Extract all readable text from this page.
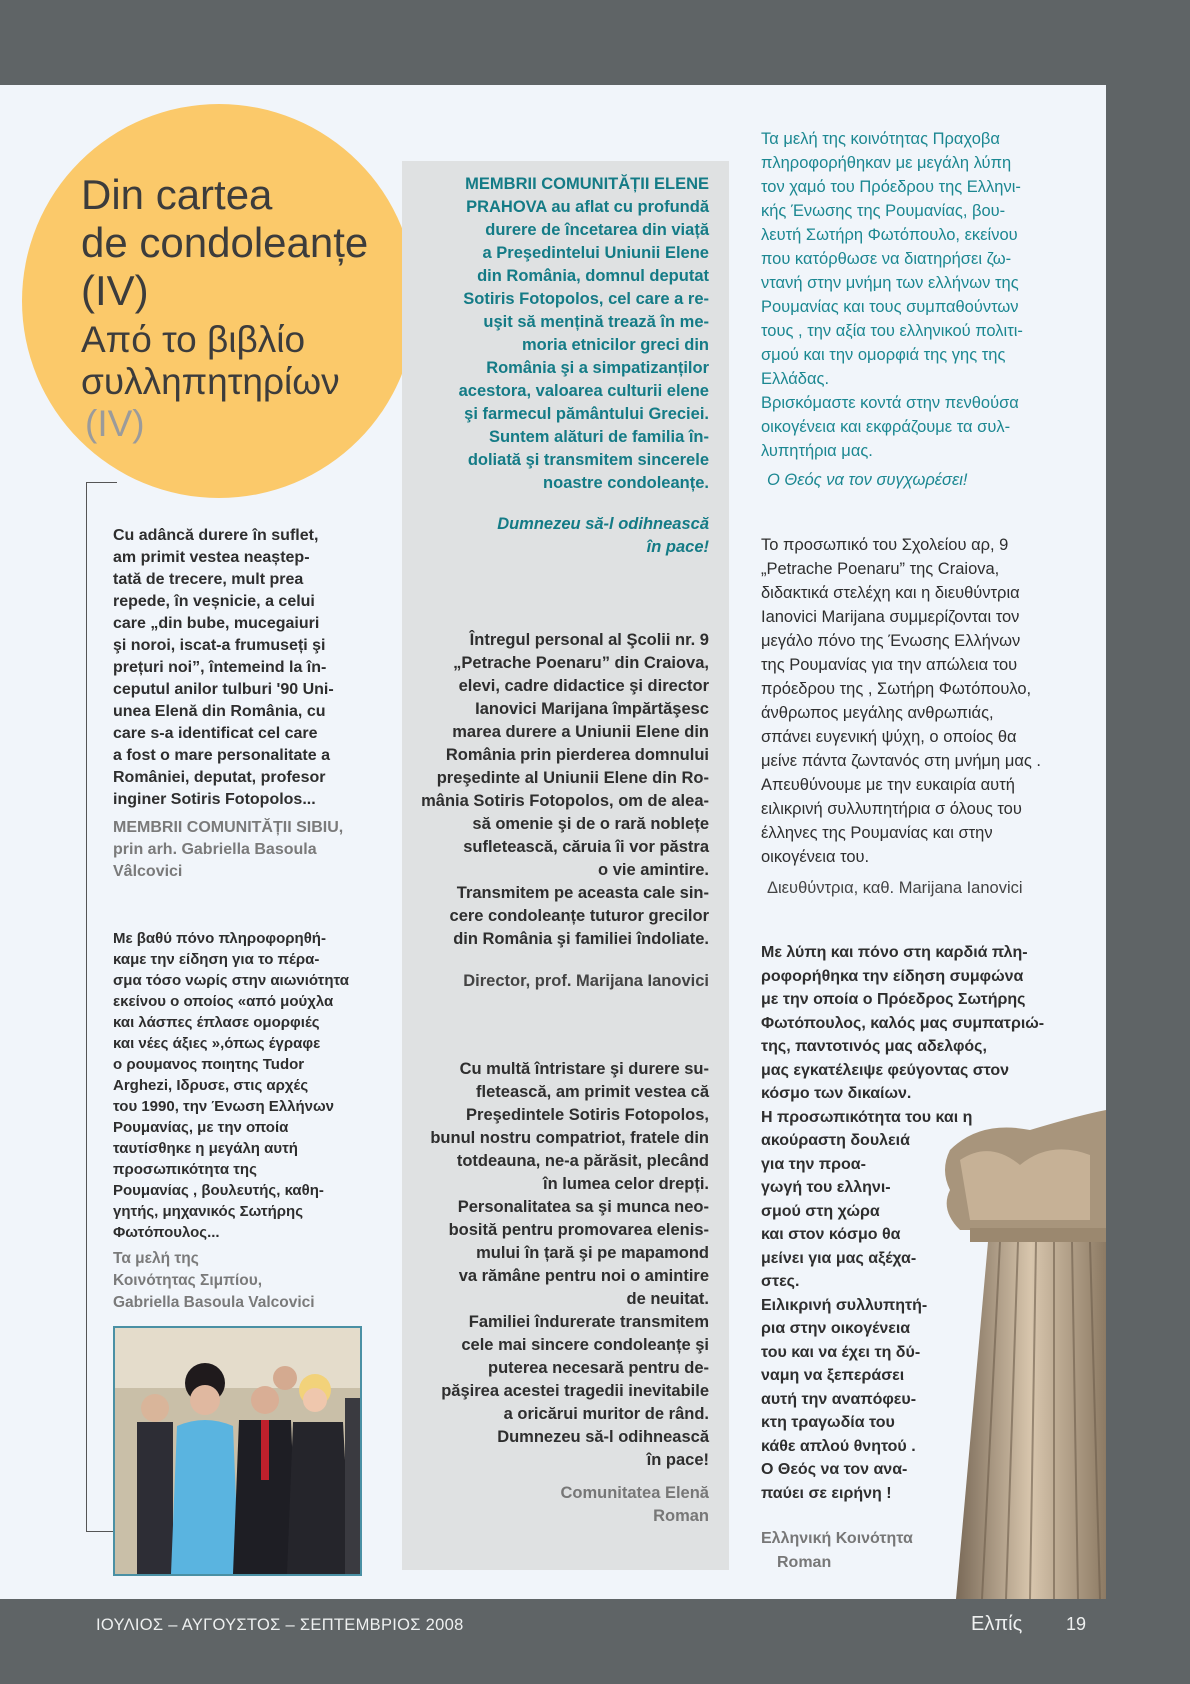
Din cartea
de condoleanțe
(IV)
Από το βιβλίο
συλληπητηρίων
(IV)

Cu adâncă durere în suflet,

am primit vestea neaștep-

tată de trecere, mult prea

repede, în veșnicie, a celui

care „din bube, mucegaiuri

şi noroi, iscat-a frumuseți şi

prețuri noi”, întemeind la în-

ceputul anilor tulburi '90 Uni-

unea Elenă din România, cu

care s-a identificat cel care

a fost o mare personalitate a

României, deputat, profesor

inginer Sotiris Fotopolos...

MEMBRII COMUNITĂȚII SIBIU,

prin arh. Gabriella Basoula

Vâlcovici

Με βαθύ πόνο πληροφορηθή-

καμε την είδηση για το πέρα-

σμα τόσο νωρίς στην αιωνιότητα

εκείνου ο οποίος «από μούχλα

και λάσπες έπλασε ομορφιές

και νέες άξιες »,όπως έγραφε

ο ρουμανος ποιητης Tudor

Arghezi, Ιδρυσε, στις αρχές

του 1990, την Ένωση Ελλήνων

Ρουμανίας, με την οποία

ταυτίσθηκε η μεγάλη αυτή

προσωπικότητα της

Ρουμανίας , βουλευτής, καθη-

γητής, μηχανικός Σωτήρης

Φωτόπουλος...

Τα μελή της

Κοινότητας Σιμπίου,

Gabriella Basoula Valcovici

MEMBRII COMUNITĂȚII ELENE

PRAHOVA au aflat cu profundă

durere de încetarea din viață

a Preşedintelui Uniunii Elene

din România, domnul deputat

Sotiris Fotopolos, cel care a re-

uşit să mențină trează în me-

moria etnicilor greci din

România şi a simpatizanților

acestora, valoarea culturii elene

şi farmecul pământului Greciei.

Suntem alături de familia în-

doliată şi transmitem sincerele

noastre condoleanțe.

Dumnezeu să-l odihnească

în pace!

Întregul personal al Şcolii nr. 9

„Petrache Poenaru” din Craiova,

elevi, cadre didactice şi director

Ianovici Marijana împărtăşesc

marea durere a Uniunii Elene din

România prin pierderea domnului

preşedinte al Uniunii Elene din Ro-

mânia Sotiris Fotopolos, om de alea-

să omenie şi de o rară noblețe

sufletească, căruia îi vor păstra

o vie amintire.

Transmitem pe aceasta cale sin-

cere condoleanțe tuturor grecilor

din România şi familiei îndoliate.

Director, prof. Marijana Ianovici

Cu multă întristare şi durere su-

fletească, am primit vestea că

Preşedintele Sotiris Fotopolos,

bunul nostru compatriot, fratele din

totdeauna, ne-a părăsit, plecând

în lumea celor drepți.

Personalitatea sa şi munca neo-

bosită pentru promovarea elenis-

mului în țară şi pe mapamond

va rămâne pentru noi o amintire

de neuitat.

Familiei îndurerate transmitem

cele mai sincere condoleanțe şi

puterea necesară pentru de-

păşirea acestei tragedii inevitabile

a oricărui muritor de rând.

Dumnezeu să-l odihnească

în pace!

Comunitatea Elenă

Roman

Τα μελή της κοινότητας Πραχοβα

πληροφορήθηκαν με μεγάλη λύπη

τον χαμό του Πρόεδρου της Ελληνι-

κής Ένωσης της Ρουμανίας, βου-

λευτή Σωτήρη Φωτόπουλο, εκείνου

που κατόρθωσε να διατηρήσει ζω-

ντανή στην μνήμη των ελλήνων της

Ρουμανίας και τους συμπαθούντων

τους , την αξία του ελληνικού πολιτι-

σμού και την ομορφιά της γης της

Ελλάδας.

Βρισκόμαστε κοντά στην πενθούσα

οικογένεια και εκφράζουμε τα συλ-

λυπητήρια μας.

Ο Θεός να τον συγχωρέσει!

Το προσωπικό του Σχολείου αρ, 9

„Petrache Poenaru” της Craiova,

διδακτικά στελέχη και η διευθύντρια

Ianovici Marijana συμμερίζονται τον

μεγάλο πόνο της Ένωσης Ελλήνων

της Ρουμανίας για την απώλεια του

πρόεδρου της , Σωτήρη Φωτόπουλο,

άνθρωπος μεγάλης ανθρωπιάς,

σπάνει ευγενική ψύχη, ο οποίος θα

μείνε πάντα ζωντανός στη μνήμη μας .

Απευθύνουμε με την ευκαιρία αυτή

ειλικρινή συλλυπητήρια σ όλους του

έλληνες της Ρουμανίας και στην

οικογένεια του.

Διευθύντρια, καθ. Marijana Ianovici

Με λύπη και πόνο στη καρδιά πλη-

ροφορήθηκα την είδηση συμφώνα

με την οποία ο Πρόεδρος Σωτήρης

Φωτόπουλος, καλός μας συμπατριώ-

της, παντοτινός μας αδελφός,

μας εγκατέλειψε φεύγοντας στον

κόσμο των δικαίων.

Η προσωπικότητα του και η

ακούραστη δουλειά

για την προα-

γωγή του ελληνι-

σμού στη χώρα

και στον κόσμο θα

μείνει για μας αξέχα-

στες.

Ειλικρινή συλλυπητή-

ρια στην οικογένεια

του και να έχει τη δύ-

ναμη να ξεπεράσει

αυτή την αναπόφευ-

κτη τραγωδία του

κάθε απλού θνητού .

Ο Θεός να τον ανα-

παύει σε ειρήνη !

Ελληνική Κοινότητα

Roman

ΙΟΥΛΙΟΣ – ΑΥΓΟΥΣΤΟΣ – ΣΕΠΤΕΜΒΡΙΟΣ 2008	Ελπίς 19
